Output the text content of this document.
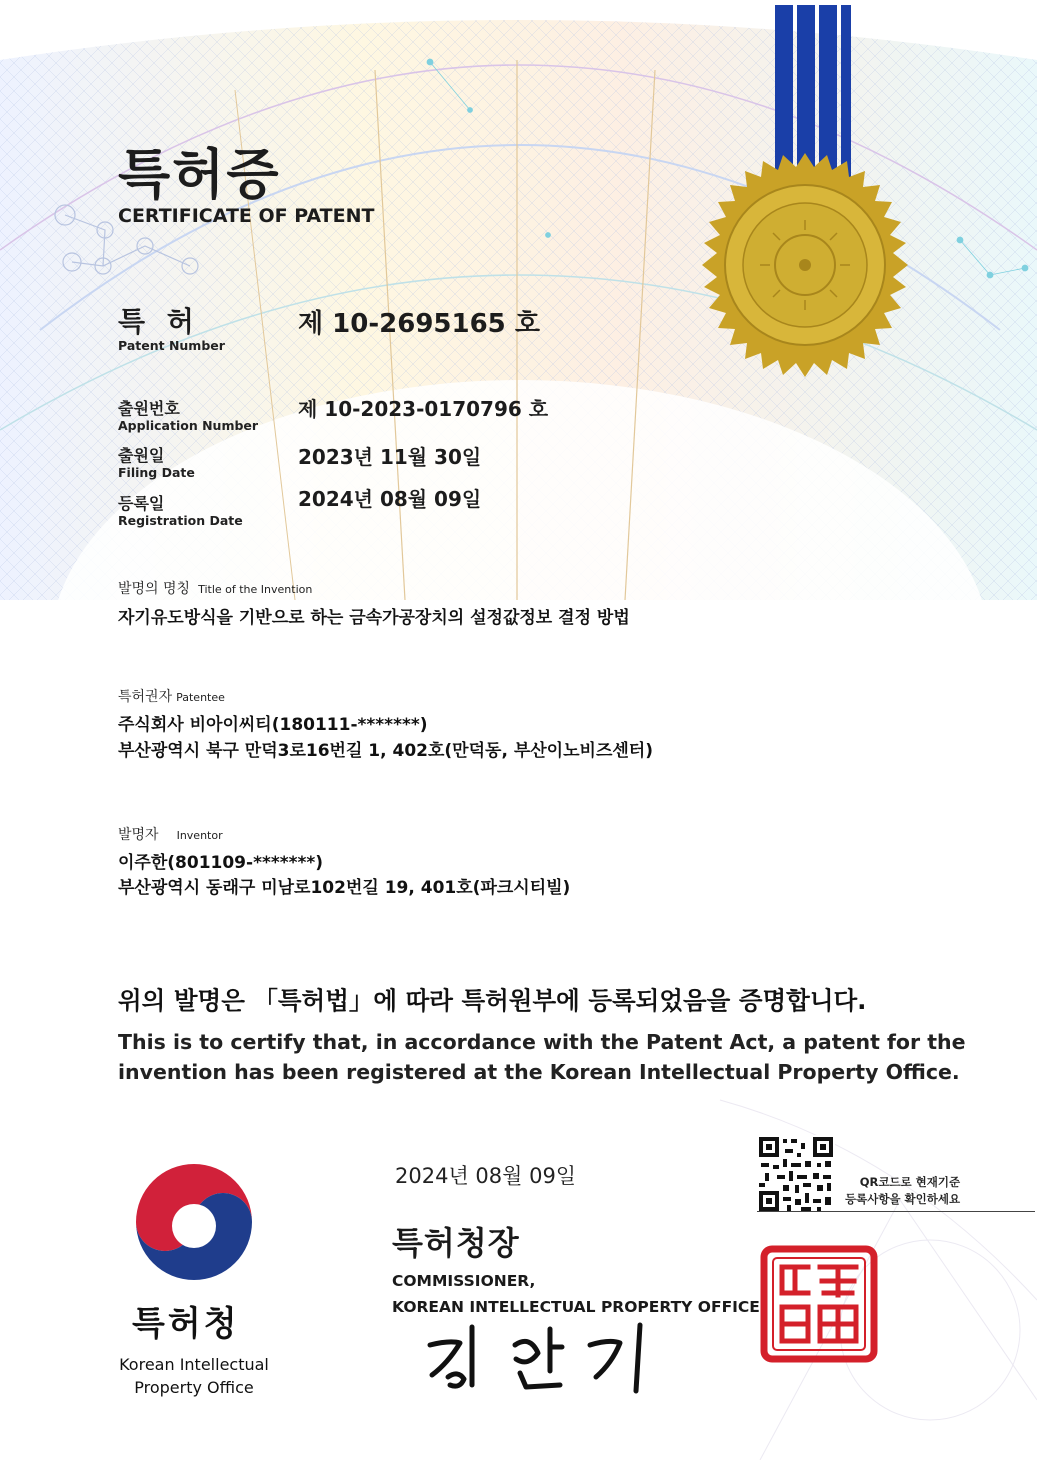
특허증
CERTIFICATE OF PATENT
특 허
Patent Number
제 10-2695165 호
출원번호
Application Number
제 10-2023-0170796 호
출원일
Filing Date
2023년 11월 30일
등록일
Registration Date
2024년 08월 09일
발명의 명칭 Title of the Invention
자기유도방식을 기반으로 하는 금속가공장치의 설정값정보 결정 방법
특허권자 Patentee
주식회사 비아이씨티(180111-*******)
부산광역시 북구 만덕3로16번길 1, 402호(만덕동, 부산이노비즈센터)
발명자 Inventor
이주한(801109-*******)
부산광역시 동래구 미남로102번길 19, 401호(파크시티빌)
위의 발명은 「특허법」에 따라 특허원부에 등록되었음을 증명합니다.
This is to certify that, in accordance with the Patent Act, a patent for the invention has been registered at the Korean Intellectual Property Office.
특허청
Korean Intellectual
Property Office
2024년 08월 09일
특허청장
COMMISSIONER,
KOREAN INTELLECTUAL PROPERTY OFFICE
QR코드로 현재기준
등록사항을 확인하세요
